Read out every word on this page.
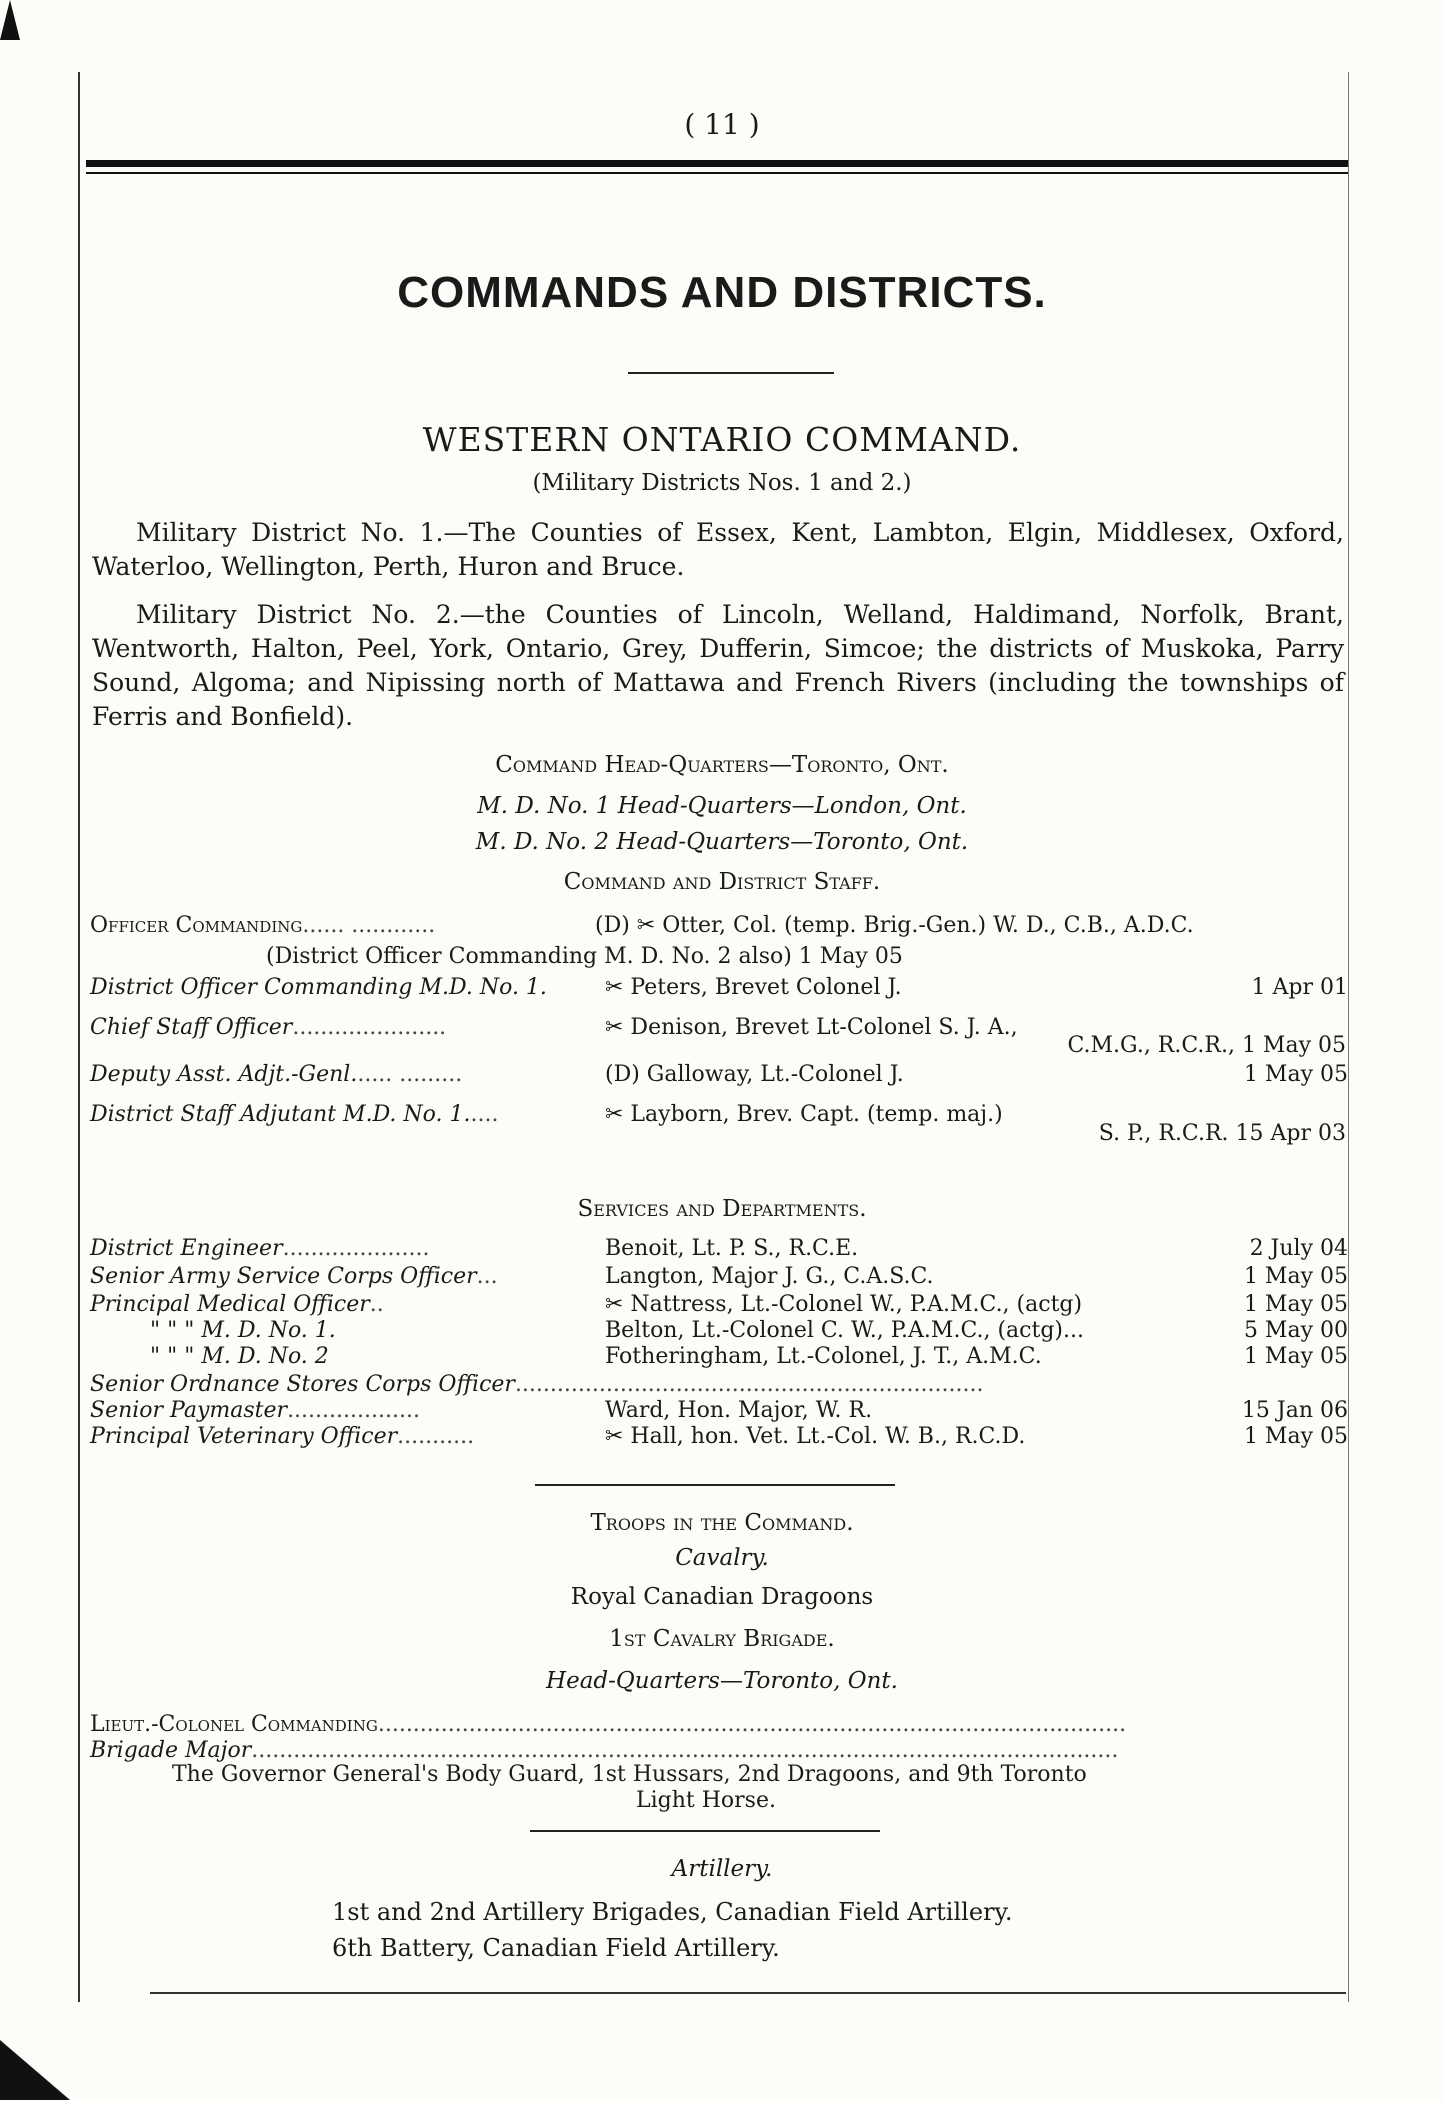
( 11 )
COMMANDS AND DISTRICTS.
WESTERN ONTARIO COMMAND.
(Military Districts Nos. 1 and 2.)
Military District No. 1.—The Counties of Essex, Kent, Lambton, Elgin, Middlesex, Oxford, Waterloo, Wellington, Perth, Huron and Bruce.
Military District No. 2.—the Counties of Lincoln, Welland, Haldimand, Norfolk, Brant, Wentworth, Halton, Peel, York, Ontario, Grey, Dufferin, Simcoe; the districts of Muskoka, Parry Sound, Algoma; and Nipissing north of Mattawa and French Rivers (including the townships of Ferris and Bonfield).
Command Head-Quarters—Toronto, Ont.
M. D. No. 1 Head-Quarters—London, Ont.
M. D. No. 2 Head-Quarters—Toronto, Ont.
Command and District Staff.
Officer Commanding...... ............	(D) ✂ Otter, Col. (temp. Brig.-Gen.) W. D., C.B., A.D.C.
(District Officer Commanding M. D. No. 2 also) 1 May 05
District Officer Commanding M.D. No. 1.	✂ Peters, Brevet Colonel J.	1 Apr 01
Chief Staff Officer......................	✂ Denison, Brevet Lt-Colonel S. J. A.,
C.M.G., R.C.R., 1 May 05
Deputy Asst. Adjt.-Genl...... .........	(D) Galloway, Lt.-Colonel J.	1 May 05
District Staff Adjutant M.D. No. 1.....	✂ Layborn, Brev. Capt. (temp. maj.)
S. P., R.C.R. 15 Apr 03
Services and Departments.
District Engineer.....................	Benoit, Lt. P. S., R.C.E.	2 July 04
Senior Army Service Corps Officer...	Langton, Major J. G., C.A.S.C.	1 May 05
Principal Medical Officer..	✂ Nattress, Lt.-Colonel W., P.A.M.C., (actg)	1 May 05
" " " M. D. No. 1.	Belton, Lt.-Colonel C. W., P.A.M.C., (actg)...	5 May 00
" " " M. D. No. 2	Fotheringham, Lt.-Colonel, J. T., A.M.C.	1 May 05
Senior Ordnance Stores Corps Officer...................................................................
Senior Paymaster...................	Ward, Hon. Major, W. R.	15 Jan 06
Principal Veterinary Officer...........	✂ Hall, hon. Vet. Lt.-Col. W. B., R.C.D.	1 May 05
Troops in the Command.
Cavalry.
Royal Canadian Dragoons
1st Cavalry Brigade.
Head-Quarters—Toronto, Ont.
Lieut.-Colonel Commanding...........................................................................................................
Brigade Major............................................................................................................................
The Governor General's Body Guard, 1st Hussars, 2nd Dragoons, and 9th Toronto
Light Horse.
Artillery.
1st and 2nd Artillery Brigades, Canadian Field Artillery.
6th Battery, Canadian Field Artillery.
